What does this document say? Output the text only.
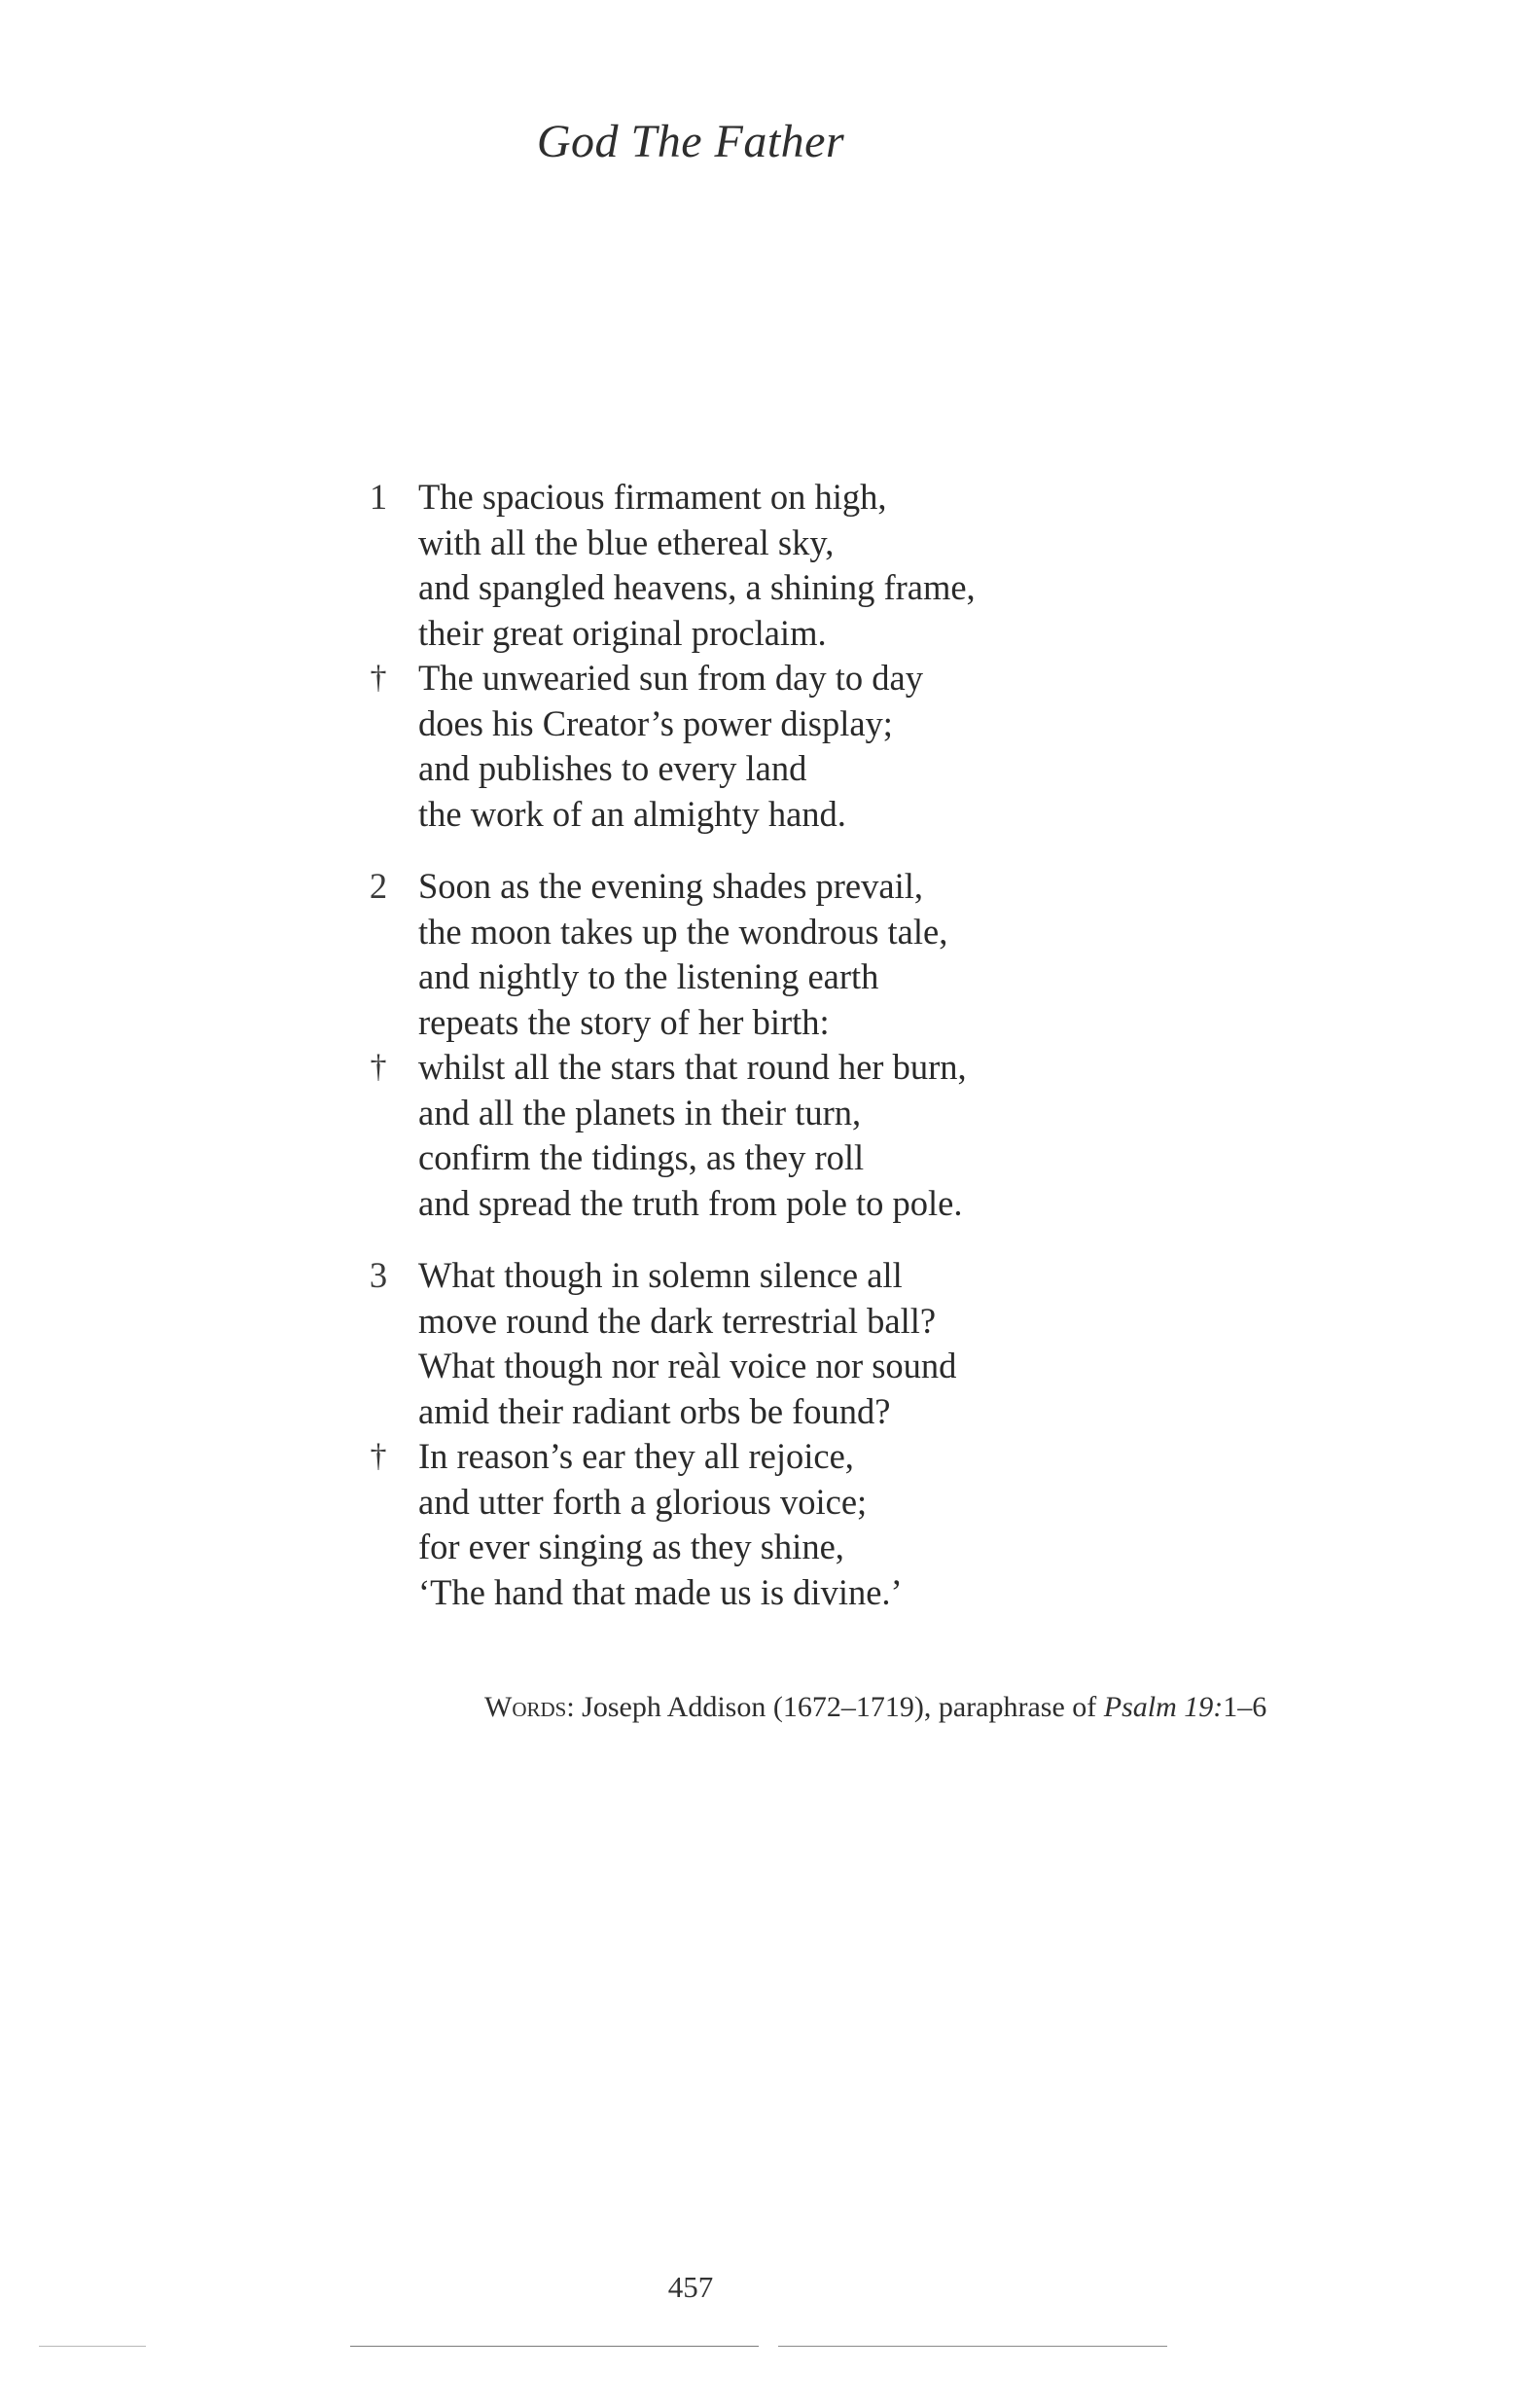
God The Father
1 The spacious firmament on high,
with all the blue ethereal sky,
and spangled heavens, a shining frame,
their great original proclaim.
† The unwearied sun from day to day
does his Creator’s power display;
and publishes to every land
the work of an almighty hand.
2 Soon as the evening shades prevail,
the moon takes up the wondrous tale,
and nightly to the listening earth
repeats the story of her birth:
† whilst all the stars that round her burn,
and all the planets in their turn,
confirm the tidings, as they roll
and spread the truth from pole to pole.
3 What though in solemn silence all
move round the dark terrestrial ball?
What though nor reàl voice nor sound
amid their radiant orbs be found?
† In reason’s ear they all rejoice,
and utter forth a glorious voice;
for ever singing as they shine,
‘The hand that made us is divine.’
Words: Joseph Addison (1672–1719), paraphrase of Psalm 19:1–6
457
